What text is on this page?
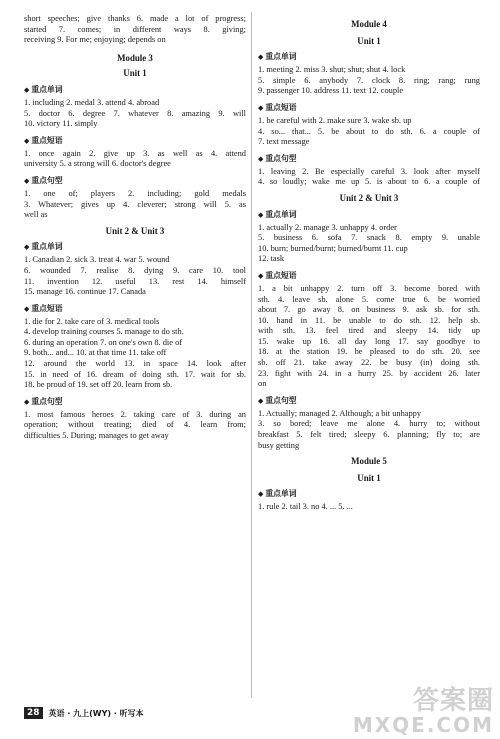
short speeches; give thanks 6. made a lot of progress;
started 7. comes; in different ways 8. giving;
receiving 9. For me; enjoying; depends on
Module 3
Unit 1
◆ 重点单词
1. including 2. medal 3. attend 4. abroad
5. doctor 6. degree 7. whatever 8. amazing 9. will
10. victory 11. simply
◆ 重点短语
1. once again 2. give up 3. as well as 4. attend
university 5. a strong will 6. doctor's degree
◆ 重点句型
1. one of; players 2. including; gold medals
3. Whatever; gives up 4. cleverer; strong will 5. as
well as
Unit 2 & Unit 3
◆ 重点单词
1. Canadian 2. sick 3. treat 4. war 5. wound
6. wounded 7. realise 8. dying 9. care 10. tool
11. invention 12. useful 13. rest 14. himself
15. manage 16. continue 17. Canada
◆ 重点短语
1. die for 2. take care of 3. medical tools
4. develop training courses 5. manage to do sth.
6. during an operation 7. on one's own 8. die of
9. both... and... 10. at that time 11. take off
12. around the world 13. in space 14. look after
15. in need of 16. dream of doing sth. 17. wait for sb.
18. be proud of 19. set off 20. learn from sb.
◆ 重点句型
1. most famous heroes 2. taking care of 3. during an
operation; without treating; died of 4. learn from;
difficulties 5. During; manages to get away
Module 4
Unit 1
◆ 重点单词
1. meeting 2. miss 3. shut; shut; shut 4. lock
5. simple 6. anybody 7. clock 8. ring; rang; rung
9. passenger 10. address 11. text 12. couple
◆ 重点短语
1. be careful with 2. make sure 3. wake sb. up
4. so... that... 5. be about to do sth. 6. a couple of
7. text message
◆ 重点句型
1. leaving 2. Be especially careful 3. look after myself
4. so loudly; wake me up 5. is about to 6. a couple of
Unit 2 & Unit 3
◆ 重点单词
1. actually 2. manage 3. unhappy 4. order
5. business 6. sofa 7. snack 8. empty 9. unable
10. burn; burned/burnt; burned/burnt 11. cup
12. task
◆ 重点短语
1. a bit unhappy 2. turn off 3. become bored with
sth. 4. leave sb. alone 5. come true 6. be worried
about 7. go away 8. on business 9. ask sb. for sth.
10. hand in 11. be unable to do sth. 12. help sb.
with sth. 13. feel tired and sleepy 14. tidy up
15. wake up 16. all day long 17. say goodbye to
18. at the station 19. be pleased to do sth. 20. see
sb. off 21. take away 22. be busy (in) doing sth.
23. fight with 24. in a hurry 25. by accident 26. later
on
◆ 重点句型
1. Actually; managed 2. Although; a bit unhappy
3. so bored; leave me alone 4. hurry to; without
breakfast 5. felt tired; sleepy 6. planning; fly to; are
busy getting
Module 5
Unit 1
◆ 重点单词
1. rule 2. tail 3. no 4. ... 5. ...
28	英语 · 九上(WY) · 听写本	答案圈
MXQE.COM
